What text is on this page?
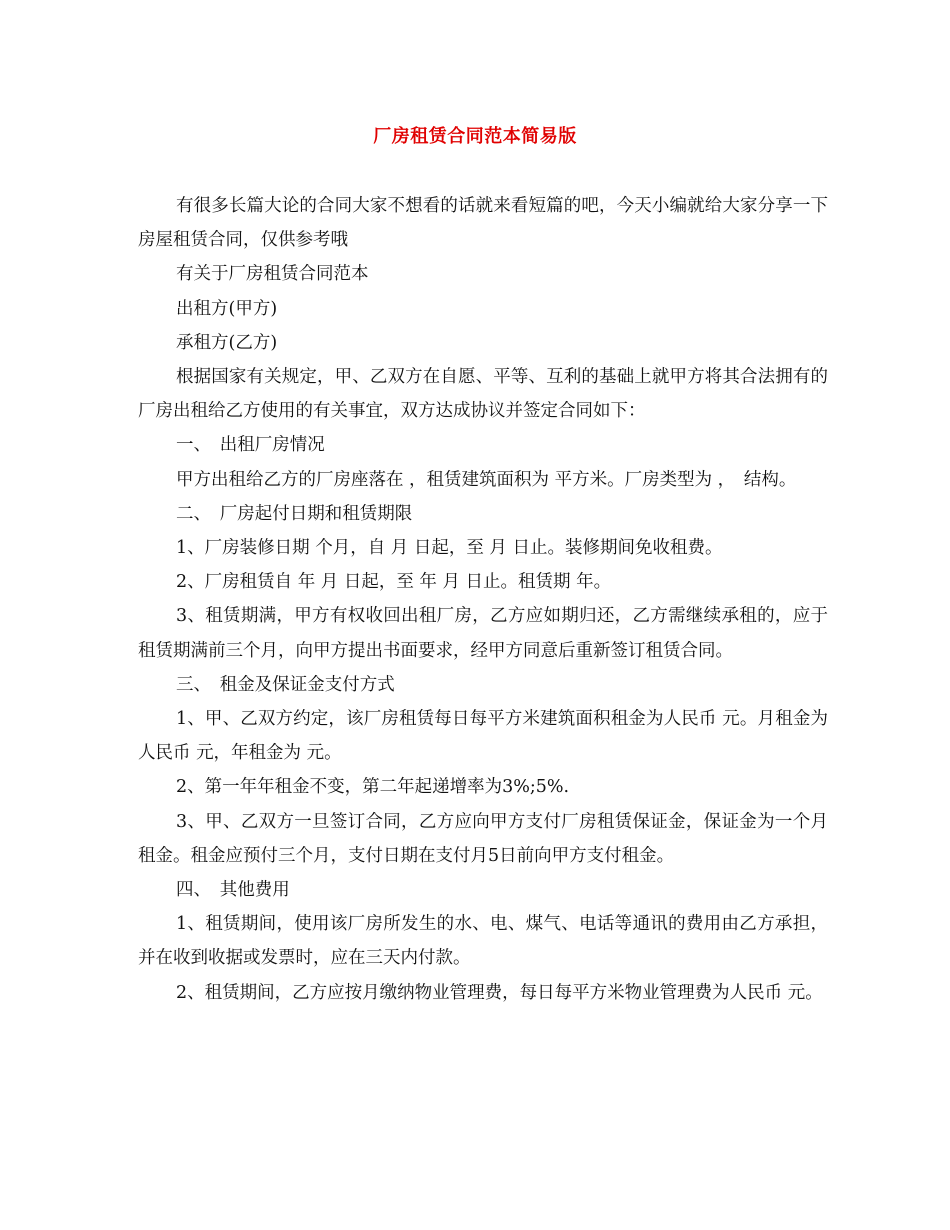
厂房租赁合同范本简易版

有很多长篇大论的合同大家不想看的话就来看短篇的吧，今天小编就给大家分享一下房屋租赁合同，仅供参考哦

有关于厂房租赁合同范本

出租方(甲方)

承租方(乙方)

根据国家有关规定，甲、乙双方在自愿、平等、互利的基础上就甲方将其合法拥有的厂房出租给乙方使用的有关事宜，双方达成协议并签定合同如下：

一、　出租厂房情况

甲方出租给乙方的厂房座落在 ，租赁建筑面积为 平方米。厂房类型为 ，　结构。

二、　厂房起付日期和租赁期限

1、厂房装修日期 个月，自 月 日起，至 月 日止。装修期间免收租费。

2、厂房租赁自 年 月 日起，至 年 月 日止。租赁期 年。

3、租赁期满，甲方有权收回出租厂房，乙方应如期归还，乙方需继续承租的，应于租赁期满前三个月，向甲方提出书面要求，经甲方同意后重新签订租赁合同。

三、　租金及保证金支付方式

1、甲、乙双方约定，该厂房租赁每日每平方米建筑面积租金为人民币 元。月租金为人民币 元，年租金为 元。

2、第一年年租金不变，第二年起递增率为3%;5%.

3、甲、乙双方一旦签订合同，乙方应向甲方支付厂房租赁保证金，保证金为一个月租金。租金应预付三个月，支付日期在支付月5日前向甲方支付租金。

四、　其他费用

1、租赁期间，使用该厂房所发生的水、电、煤气、电话等通讯的费用由乙方承担，并在收到收据或发票时，应在三天内付款。

2、租赁期间，乙方应按月缴纳物业管理费，每日每平方米物业管理费为人民币 元。
